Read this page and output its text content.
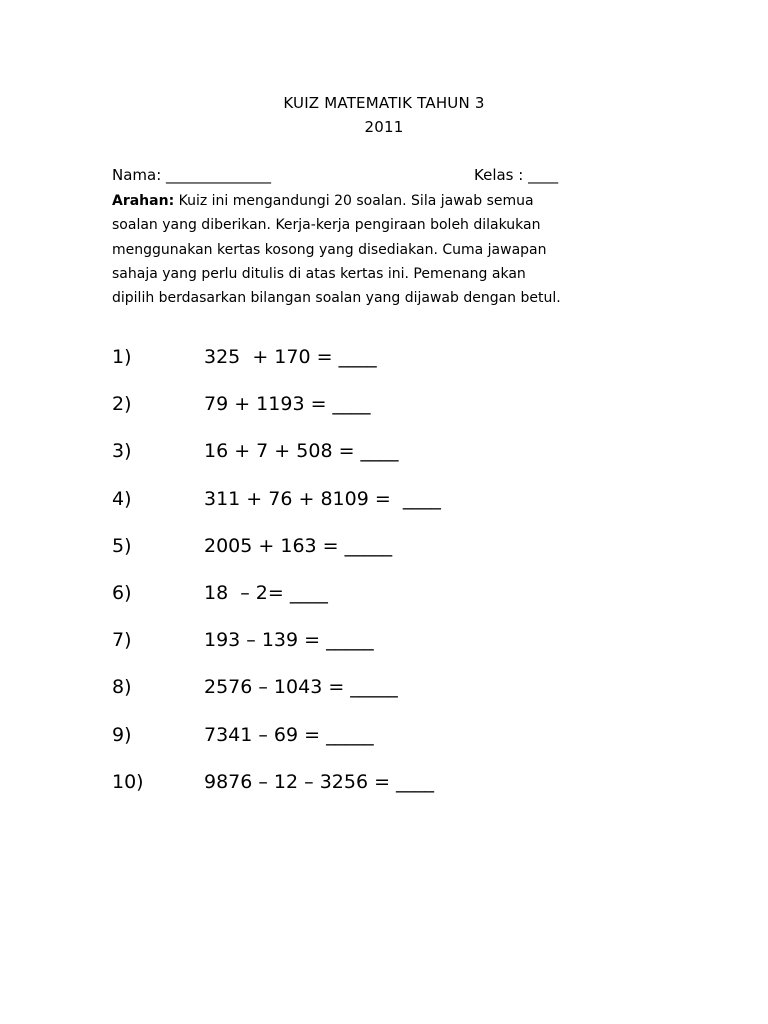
KUIZ MATEMATIK TAHUN 3
2011
Nama: ______________	Kelas : ____
Arahan: Kuiz ini mengandungi 20 soalan. Sila jawab semua
soalan yang diberikan. Kerja-kerja pengiraan boleh dilakukan
menggunakan kertas kosong yang disediakan. Cuma jawapan
sahaja yang perlu ditulis di atas kertas ini. Pemenang akan
dipilih berdasarkan bilangan soalan yang dijawab dengan betul.
1)	325  + 170 = ____
2)	79 + 1193 = ____
3)	16 + 7 + 508 = ____
4)	311 + 76 + 8109 =  ____
5)	2005 + 163 = _____
6)	18  – 2= ____
7)	193 – 139 = _____
8)	2576 – 1043 = _____
9)	7341 – 69 = _____
10)	9876 – 12 – 3256 = ____
